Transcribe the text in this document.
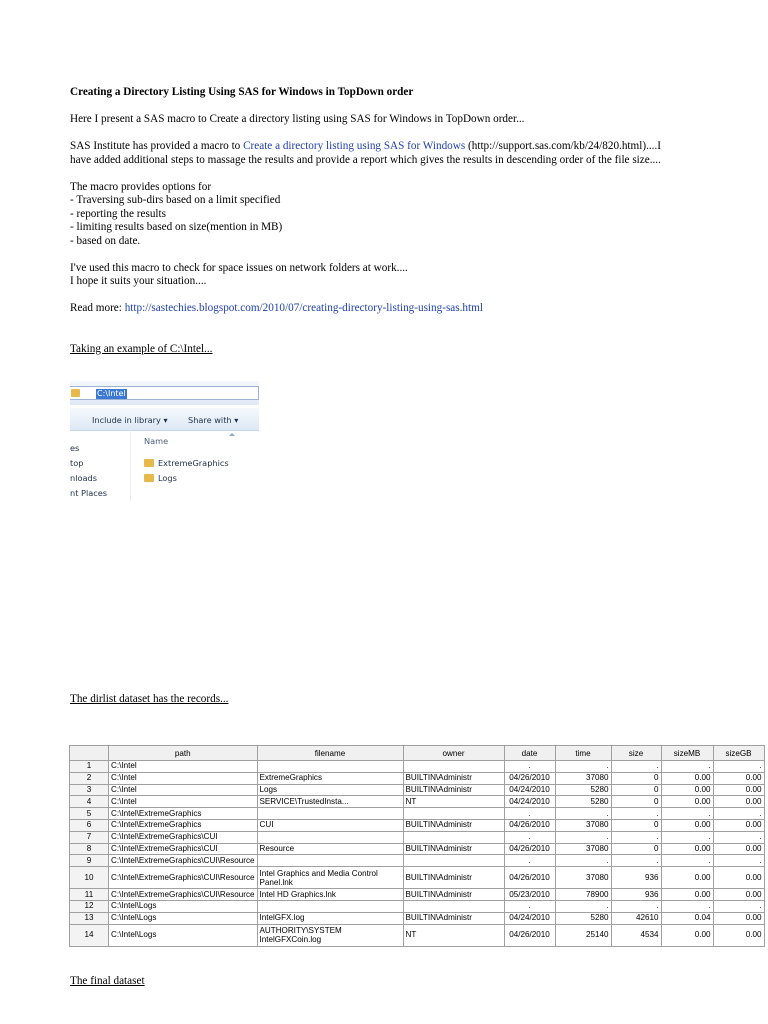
Creating a Directory Listing Using SAS for Windows in TopDown order

Here I present a SAS macro to Create a directory listing using SAS for Windows in TopDown order...

SAS Institute has provided a macro to Create a directory listing using SAS for Windows (http://support.sas.com/kb/24/820.html)....I
have added additional steps to massage the results and provide a report which gives the results in descending order of the file size....

The macro provides options for

- Traversing sub-dirs based on a limit specified

- reporting the results

- limiting results based on size(mention in MB)

- based on date.

I've used this macro to check for space issues on network folders at work....

I hope it suits your situation....

Read more: http://sastechies.blogspot.com/2010/07/creating-directory-listing-using-sas.html

Taking an example of C:\Intel...

C:\Intel
Include in library ▾ Share with ▾
es
top
nloads
nt Places
Name
ExtremeGraphics
Logs

The dirlist dataset has the records...

	path	filename	owner	date	time	size	sizeMB	sizeGB
1	C:\Intel			.	.	.	.	.
2	C:\Intel	ExtremeGraphics	BUILTIN\Administr	04/26/2010	37080	0	0.00	0.00
3	C:\Intel	Logs	BUILTIN\Administr	04/24/2010	5280	0	0.00	0.00
4	C:\Intel	SERVICE\TrustedInsta...	NT	04/24/2010	5280	0	0.00	0.00
5	C:\Intel\ExtremeGraphics			.	.	.	.	.
6	C:\Intel\ExtremeGraphics	CUI	BUILTIN\Administr	04/26/2010	37080	0	0.00	0.00
7	C:\Intel\ExtremeGraphics\CUI			.	.	.	.	.
8	C:\Intel\ExtremeGraphics\CUI	Resource	BUILTIN\Administr	04/26/2010	37080	0	0.00	0.00
9	C:\Intel\ExtremeGraphics\CUI\Resource			.	.	.	.	.
10	C:\Intel\ExtremeGraphics\CUI\Resource	Intel Graphics and Media Control Panel.lnk	BUILTIN\Administr	04/26/2010	37080	936	0.00	0.00
11	C:\Intel\ExtremeGraphics\CUI\Resource	Intel HD Graphics.lnk	BUILTIN\Administr	05/23/2010	78900	936	0.00	0.00
12	C:\Intel\Logs			.	.	.	.	.
13	C:\Intel\Logs	IntelGFX.log	BUILTIN\Administr	04/24/2010	5280	42610	0.04	0.00
14	C:\Intel\Logs	AUTHORITY\SYSTEM IntelGFXCoin.log	NT	04/26/2010	25140	4534	0.00	0.00

The final dataset
